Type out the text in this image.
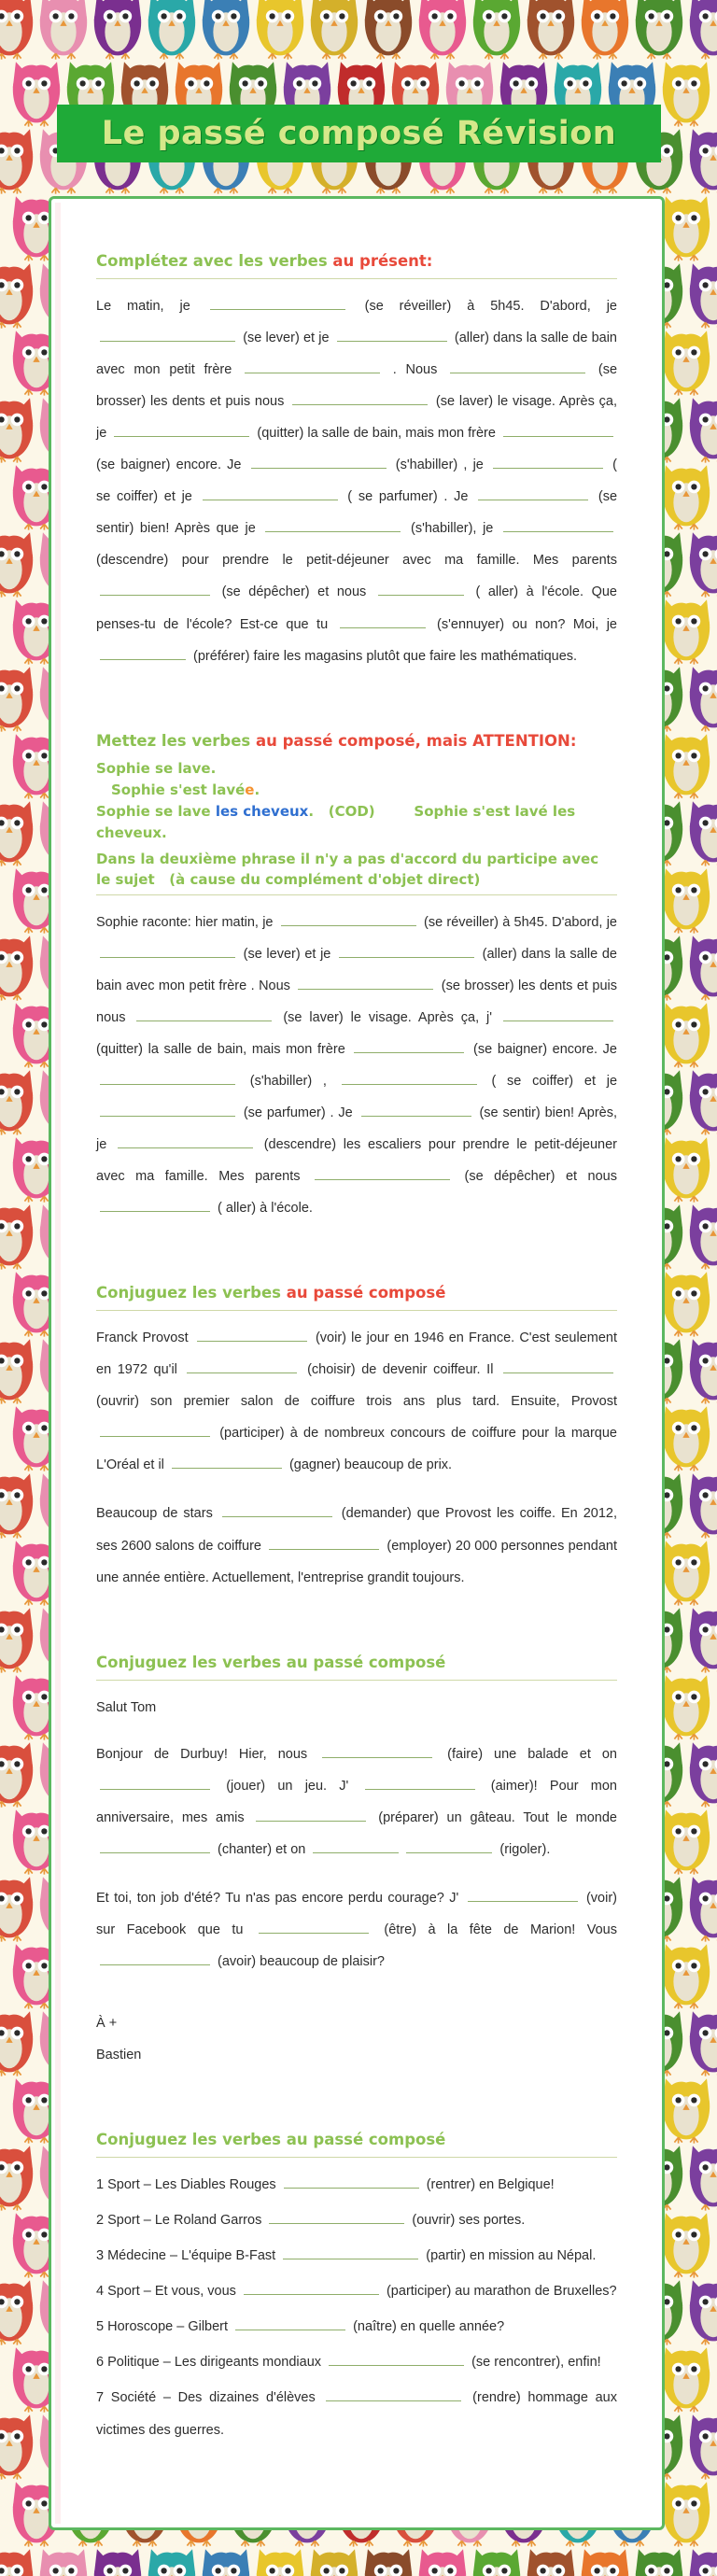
Le passé composé Révision
Complétez avec les verbes au présent:

Le matin, je	(se réveiller) à 5h45. D'abord, je  (se lever) et je	(aller) dans la salle de bain avec mon petit frère	. Nous	(se brosser) les dents et puis nous	(se laver) le visage. Après ça, je	(quitter) la salle de bain, mais mon frère  (se baigner) encore. Je	(s'habiller) , je	( se coiffer) et je	( se parfumer) . Je	(se sentir) bien! Après que je	(s'habiller), je  (descendre) pour prendre le petit-déjeuner avec ma famille. Mes parents  (se dépêcher) et nous	( aller) à l'école. Que penses-tu de l'école? Est-ce que tu	(s'ennuyer) ou non? Moi, je  (préférer) faire les magasins plutôt que faire les mathématiques.

Mettez les verbes au passé composé, mais ATTENTION:
Sophie se lave.
Sophie s'est lavée.
Sophie se lave les cheveux.   (COD)        Sophie s'est lavé les cheveux.
Dans la deuxième phrase il n'y a pas d'accord du participe avec le sujet   (à cause du complément d'objet direct)

Sophie raconte: hier matin, je	(se réveiller) à 5h45. D'abord, je  (se lever) et je	(aller) dans la salle de bain avec mon petit frère . Nous	(se brosser) les dents et puis nous	(se laver) le visage. Après ça, j'  (quitter) la salle de bain, mais mon frère	(se baigner) encore. Je  (s'habiller) ,	( se coiffer) et je  (se parfumer) . Je	(se sentir) bien! Après, je	(descendre) les escaliers pour prendre le petit-déjeuner avec ma famille. Mes parents	(se dépêcher) et nous  ( aller) à l'école.

Conjuguez les verbes au passé composé

Franck Provost	(voir) le jour en 1946 en France. C'est seulement en 1972 qu'il	(choisir) de devenir coiffeur. Il  (ouvrir) son premier salon de coiffure trois ans plus tard. Ensuite, Provost  (participer) à de nombreux concours de coiffure pour la marque L'Oréal et il	(gagner) beaucoup de prix.

Beaucoup de stars	(demander) que Provost les coiffe. En 2012, ses 2600 salons de coiffure	(employer) 20 000 personnes pendant une année entière. Actuellement, l'entreprise grandit toujours.

Conjuguez les verbes au passé composé

Salut Tom

Bonjour de Durbuy! Hier, nous	(faire) une balade et on  (jouer) un jeu. J'	(aimer)! Pour mon anniversaire, mes amis	(préparer) un gâteau. Tout le monde  (chanter) et on	(rigoler).

Et toi, ton job d'été? Tu n'as pas encore perdu courage? J'	(voir) sur Facebook que tu	(être) à la fête de Marion! Vous  (avoir) beaucoup de plaisir?

À +

Bastien

Conjuguez les verbes au passé composé

1 Sport – Les Diables Rouges	(rentrer) en Belgique!

2 Sport – Le Roland Garros	(ouvrir) ses portes.

3 Médecine – L'équipe B-Fast	(partir) en mission au Népal.

4 Sport – Et vous, vous	(participer) au marathon de Bruxelles?

5 Horoscope – Gilbert	(naître) en quelle année?

6 Politique – Les dirigeants mondiaux	(se rencontrer), enfin!

7 Société – Des dizaines d'élèves	(rendre) hommage aux victimes des guerres.
